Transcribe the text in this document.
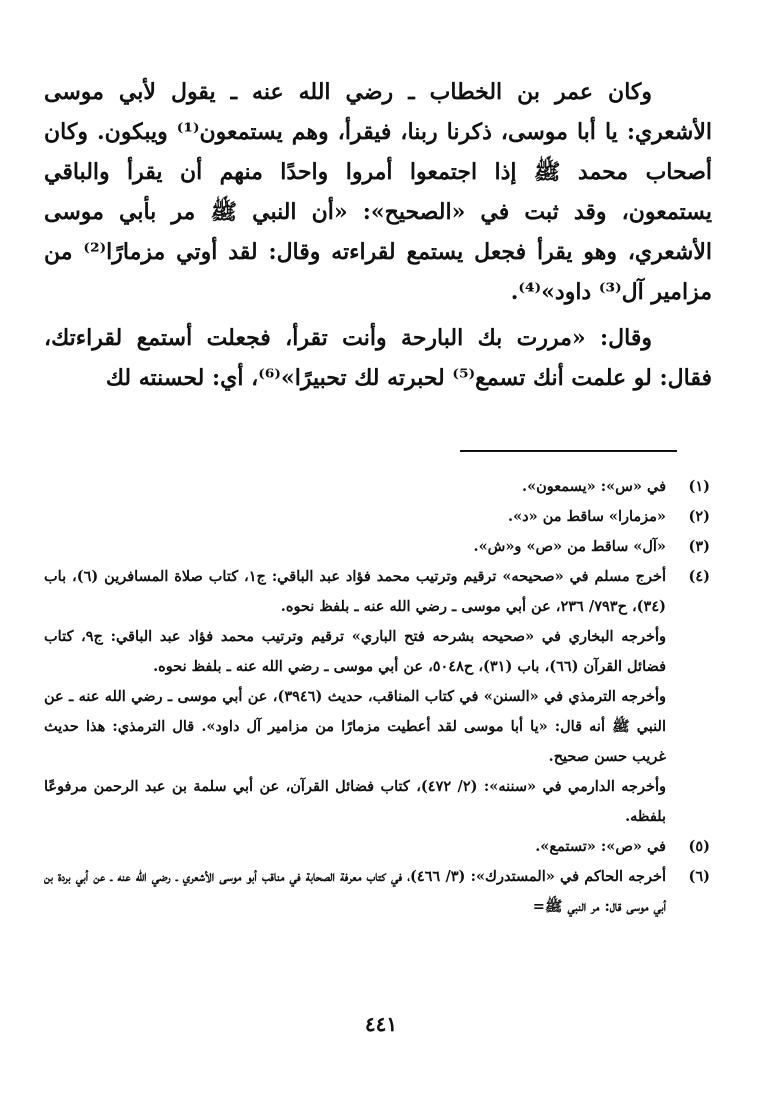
وكان عمر بن الخطاب ـ رضي الله عنه ـ يقول لأبي موسى الأشعري: يا أبا موسى، ذكرنا ربنا، فيقرأ، وهم يستمعون⁽¹⁾ ويبكون. وكان أصحاب محمد ﷺ إذا اجتمعوا أمروا واحدًا منهم أن يقرأ والباقي يستمعون، وقد ثبت في «الصحيح»: «أن النبي ﷺ مر بأبي موسى الأشعري، وهو يقرأ فجعل يستمع لقراءته وقال: لقد أوتي مزمارًا⁽²⁾ من مزامير آل⁽³⁾ داود»⁽⁴⁾.

وقال: «مررت بك البارحة وأنت تقرأ، فجعلت أستمع لقراءتك، فقال: لو علمت أنك تسمع⁽⁵⁾ لحبرته لك تحبيرًا»⁽⁶⁾، أي: لحسنته لك

(١)

في «س»: «يسمعون».

(٢)

«مزمارا» ساقط من «د».

(٣)

«آل» ساقط من «ص» و«ش».

(٤)

أخرج مسلم في «صحيحه» ترقيم وترتيب محمد فؤاد عبد الباقي: ج١، كتاب صلاة المسافرين (٦)، باب (٣٤)، ح٧٩٣/ ٢٣٦، عن أبي موسى ـ رضي الله عنه ـ بلفظ نحوه.

وأخرجه البخاري في «صحيحه بشرحه فتح الباري» ترقيم وترتيب محمد فؤاد عبد الباقي: ج٩، كتاب فضائل القرآن (٦٦)، باب (٣١)، ح٥٠٤٨، عن أبي موسى ـ رضي الله عنه ـ بلفظ نحوه.

وأخرجه الترمذي في «السنن» في كتاب المناقب، حديث (٣٩٤٦)، عن أبي موسى ـ رضي الله عنه ـ عن النبي ﷺ أنه قال: «يا أبا موسى لقد أعطيت مزمارًا من مزامير آل داود». قال الترمذي: هذا حديث غريب حسن صحيح.

وأخرجه الدارمي في «سننه»: (٢/ ٤٧٢)، كتاب فضائل القرآن، عن أبي سلمة بن عبد الرحمن مرفوعًا بلفظه.

(٥)

في «ص»: «تستمع».

(٦)

أخرجه الحاكم في «المستدرك»: (٣/ ٤٦٦)، في كتاب معرفة الصحابة في مناقب أبو موسى الأشعري ـ رضي الله عنه ـ عن أبي بردة بن أبي موسى قال: مر النبي ﷺ=

٤٤١
